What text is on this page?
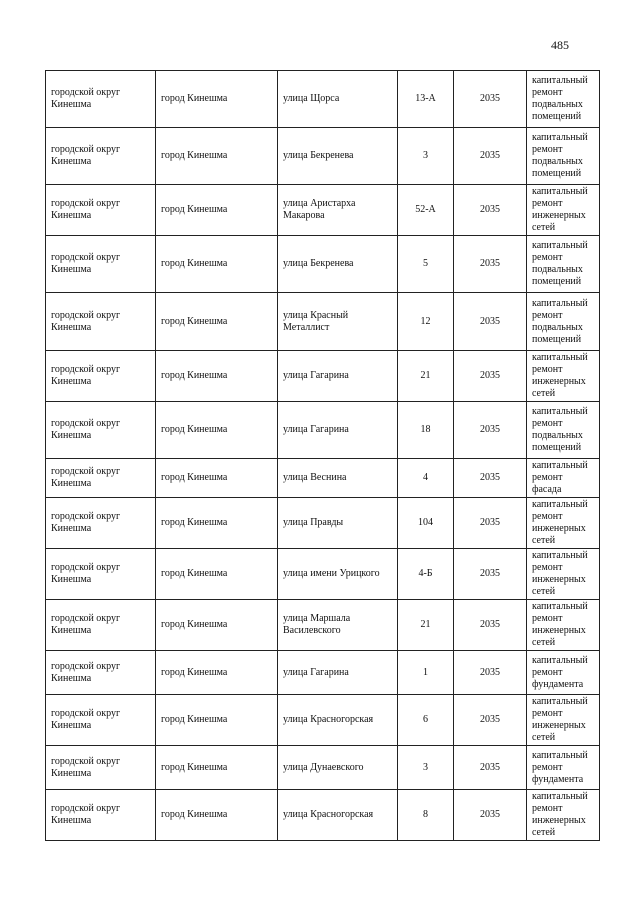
485
городской округ Кинешма	город Кинешма	улица Щорса	13-А	2035	капитальный ремонт подвальных помещений
городской округ Кинешма	город Кинешма	улица Бекренева	3	2035	капитальный ремонт подвальных помещений
городской округ Кинешма	город Кинешма	улица Аристарха Макарова	52-А	2035	капитальный ремонт инженерных сетей
городской округ Кинешма	город Кинешма	улица Бекренева	5	2035	капитальный ремонт подвальных помещений
городской округ Кинешма	город Кинешма	улица Красный Металлист	12	2035	капитальный ремонт подвальных помещений
городской округ Кинешма	город Кинешма	улица Гагарина	21	2035	капитальный ремонт инженерных сетей
городской округ Кинешма	город Кинешма	улица Гагарина	18	2035	капитальный ремонт подвальных помещений
городской округ Кинешма	город Кинешма	улица Веснина	4	2035	капитальный ремонт фасада
городской округ Кинешма	город Кинешма	улица Правды	104	2035	капитальный ремонт инженерных сетей
городской округ Кинешма	город Кинешма	улица имени Урицкого	4-Б	2035	капитальный ремонт инженерных сетей
городской округ Кинешма	город Кинешма	улица Маршала Василевского	21	2035	капитальный ремонт инженерных сетей
городской округ Кинешма	город Кинешма	улица Гагарина	1	2035	капитальный ремонт фундамента
городской округ Кинешма	город Кинешма	улица Красногорская	6	2035	капитальный ремонт инженерных сетей
городской округ Кинешма	город Кинешма	улица Дунаевского	3	2035	капитальный ремонт фундамента
городской округ Кинешма	город Кинешма	улица Красногорская	8	2035	капитальный ремонт инженерных сетей
